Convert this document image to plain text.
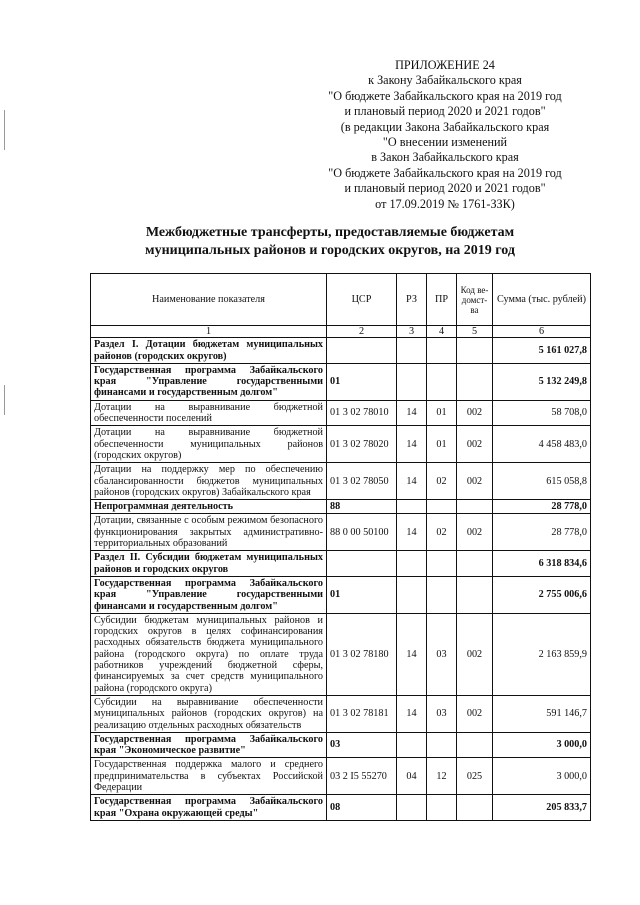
ПРИЛОЖЕНИЕ 24
к Закону Забайкальского края
"О бюджете Забайкальского края на 2019 год
и плановый период 2020 и 2021 годов"
(в редакции Закона Забайкальского края
"О внесении изменений
в Закон Забайкальского края
"О бюджете Забайкальского края на 2019 год
и плановый период 2020 и 2021 годов"
от 17.09.2019 № 1761-ЗЗК)
Межбюджетные трансферты, предоставляемые бюджетам
муниципальных районов и городских округов, на 2019 год
Наименование показателя	ЦСР	РЗ	ПР	Код ве-домст-ва	Сумма (тыс. рублей)
1	2	3	4	5	6
Раздел I. Дотации бюджетам муниципальных районов (городских округов)					5 161 027,8
Государственная программа Забайкальского края "Управление государственными финансами и государственным долгом"	01				5 132 249,8
Дотации на выравнивание бюджетной обеспеченности поселений	01 3 02 78010	14	01	002	58 708,0
Дотации на выравнивание бюджетной обеспеченности муниципальных районов (городских округов)	01 3 02 78020	14	01	002	4 458 483,0
Дотации на поддержку мер по обеспечению сбалансированности бюджетов муниципальных районов (городских округов) Забайкальского края	01 3 02 78050	14	02	002	615 058,8
Непрограммная деятельность	88				28 778,0
Дотации, связанные с особым режимом безопасного функционирования закрытых административно-территориальных образований	88 0 00 50100	14	02	002	28 778,0
Раздел II. Субсидии бюджетам муниципальных районов и городских округов					6 318 834,6
Государственная программа Забайкальского края "Управление государственными финансами и государственным долгом"	01				2 755 006,6
Субсидии бюджетам муниципальных районов и городских округов в целях софинансирования расходных обязательств бюджета муниципального района (городского округа) по оплате труда работников учреждений бюджетной сферы, финансируемых за счет средств муниципального района (городского округа)	01 3 02 78180	14	03	002	2 163 859,9
Субсидии на выравнивание обеспеченности муниципальных районов (городских округов) на реализацию отдельных расходных обязательств	01 3 02 78181	14	03	002	591 146,7
Государственная программа Забайкальского края "Экономическое развитие"	03				3 000,0
Государственная поддержка малого и среднего предпринимательства в субъектах Российской Федерации	03 2 I5 55270	04	12	025	3 000,0
Государственная программа Забайкальского края "Охрана окружающей среды"	08				205 833,7
